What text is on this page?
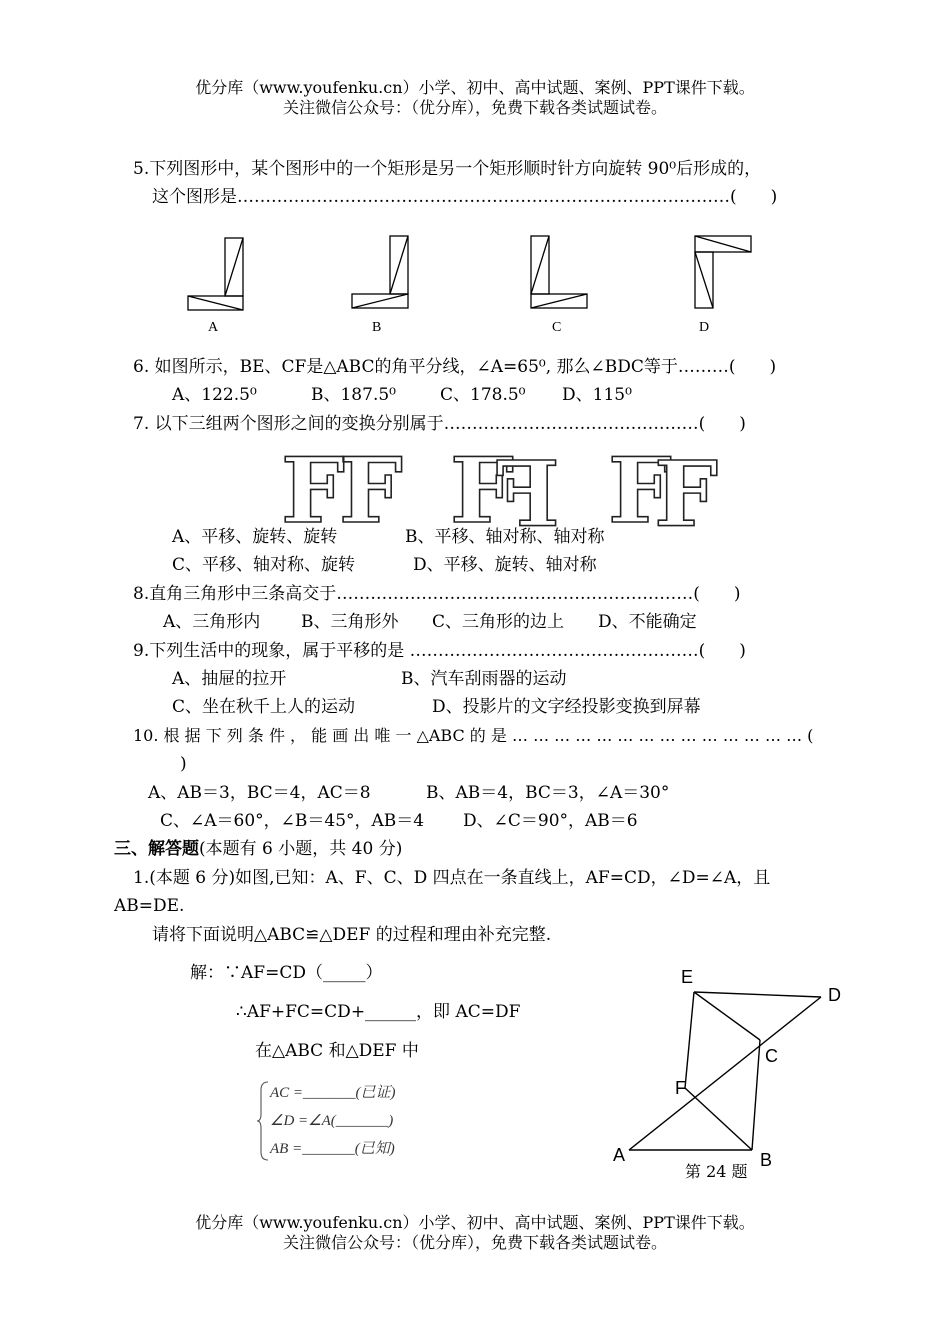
优分库（www.youfenku.cn）小学、初中、高中试题、案例、PPT课件下载。
关注微信公众号：（优分库），免费下载各类试题试卷。
5.下列图形中，某个图形中的一个矩形是另一个矩形顺时针方向旋转 90⁰后形成的，
这个图形是……………………………………………………………………………(　　)
A	B	C	D
6. 如图所示，BE、CF是△ABC的角平分线，∠A=65⁰, 那么∠BDC等于………(　　)
A、122.5⁰	B、187.5⁰	C、178.5⁰ D、115⁰
7. 以下三组两个图形之间的变换分别属于………………………………………(　　)
FF F
Ⅎ F
Ⅎ
A、平移、旋转、旋转	B、平移、轴对称、轴对称
C、平移、轴对称、旋转	D、平移、旋转、轴对称
8.直角三角形中三条高交于………………………………………………………(　　)
A、三角形内 B、三角形外 C、三角形的边上 D、不能确定
9.下列生活中的现象，属于平移的是 ……………………………………………(　　)
A、抽屉的拉开	B、汽车刮雨器的运动
C、坐在秋千上人的运动	D、投影片的文字经投影变换到屏幕
10. 根 据 下 列 条 件 ， 能 画 出 唯 一 △ABC 的 是 … … … … … … … … … … … … … … (
)
A、AB＝3，BC＝4，AC＝8	B、AB＝4，BC＝3，∠A＝30°
C、∠A＝60°，∠B＝45°，AB＝4 D、∠C＝90°，AB＝6
三、解答题(本题有 6 小题，共 40 分)
1.(本题 6 分)如图,已知：A、F、C、D 四点在一条直线上，AF=CD，∠D=∠A，且
AB=DE.
请将下面说明△ABC≌△DEF 的过程和理由补充完整.
解：∵AF=CD（_____）
∴AF+FC=CD+______，即 AC=DF
在△ABC 和△DEF 中
AC =_______(已证)
∠D =∠A(_______)
AB =_______(已知)
E
D
C
F
A	B
第 24 题
优分库（www.youfenku.cn）小学、初中、高中试题、案例、PPT课件下载。
关注微信公众号：（优分库），免费下载各类试题试卷。
